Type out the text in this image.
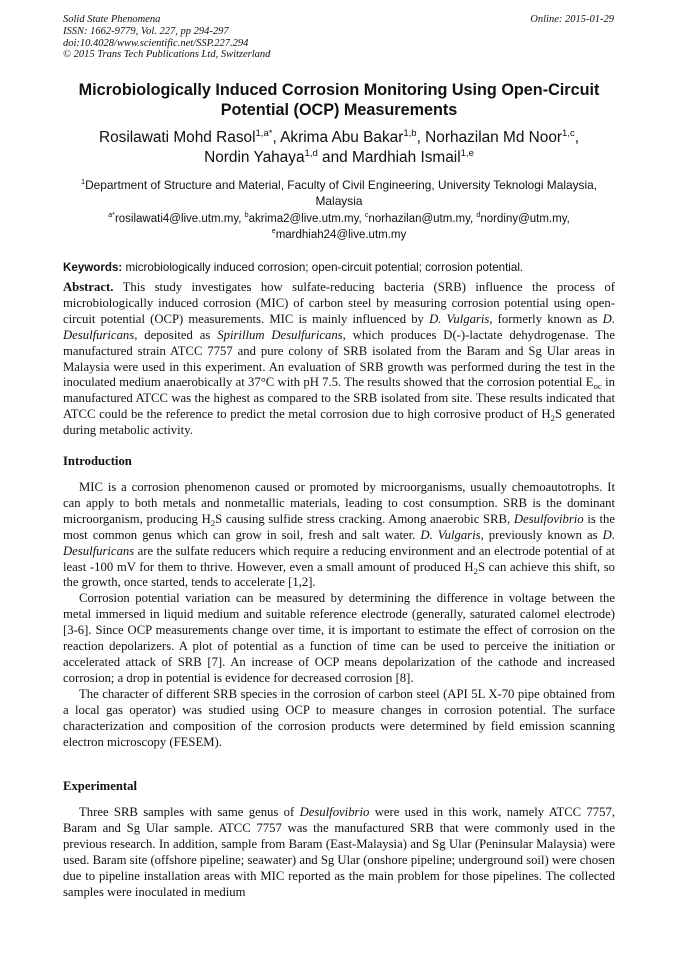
Solid State Phenomena
ISSN: 1662-9779, Vol. 227, pp 294-297
doi:10.4028/www.scientific.net/SSP.227.294
© 2015 Trans Tech Publications Ltd, Switzerland
Online: 2015-01-29
Microbiologically Induced Corrosion Monitoring Using Open-Circuit Potential (OCP) Measurements
Rosilawati Mohd Rasol$^{1,a*}$, Akrima Abu Bakar$^{1,b}$, Norhazilan Md Noor$^{1,c}$,
Nordin Yahaya$^{1,d}$ and Mardhiah Ismail$^{1,e}$
$^1$Department of Structure and Material, Faculty of Civil Engineering, University Teknologi Malaysia, Malaysia
$^{a*}$rosilawati4@live.utm.my, $^b$akrima2@live.utm.my, $^c$norhazilan@utm.my, $^d$nordiny@utm.my,
$^e$mardhiah24@live.utm.my
Keywords: microbiologically induced corrosion; open-circuit potential; corrosion potential.
Abstract. This study investigates how sulfate-reducing bacteria (SRB) influence the process of microbiologically induced corrosion (MIC) of carbon steel by measuring corrosion potential using open-circuit potential (OCP) measurements. MIC is mainly influenced by D. Vulgaris, formerly known as D. Desulfuricans, deposited as Spirillum Desulfuricans, which produces D(-)-lactate dehydrogenase. The manufactured strain ATCC 7757 and pure colony of SRB isolated from the Baram and Sg Ular areas in Malaysia were used in this experiment. An evaluation of SRB growth was performed during the test in the inoculated medium anaerobically at 37°C with pH 7.5. The results showed that the corrosion potential $E_{oc}$ in manufactured ATCC was the highest as compared to the SRB isolated from site. These results indicated that ATCC could be the reference to predict the metal corrosion due to high corrosive product of $H_2S$ generated during metabolic activity.
Introduction

MIC is a corrosion phenomenon caused or promoted by microorganisms, usually chemoautotrophs. It can apply to both metals and nonmetallic materials, leading to cost consumption. SRB is the dominant microorganism, producing $H_2S$ causing sulfide stress cracking. Among anaerobic SRB, Desulfovibrio is the most common genus which can grow in soil, fresh and salt water. D. Vulgaris, previously known as D. Desulfuricans are the sulfate reducers which require a reducing environment and an electrode potential of at least -100 mV for them to thrive. However, even a small amount of produced $H_2S$ can achieve this shift, so the growth, once started, tends to accelerate [1,2].

Corrosion potential variation can be measured by determining the difference in voltage between the metal immersed in liquid medium and suitable reference electrode (generally, saturated calomel electrode) [3-6]. Since OCP measurements change over time, it is important to estimate the effect of corrosion on the reaction depolarizers. A plot of potential as a function of time can be used to perceive the initiation or accelerated attack of SRB [7]. An increase of OCP means depolarization of the cathode and increased corrosion; a drop in potential is evidence for decreased corrosion [8].

The character of different SRB species in the corrosion of carbon steel (API 5L X-70 pipe obtained from a local gas operator) was studied using OCP to measure changes in corrosion potential. The surface characterization and composition of the corrosion products were determined by field emission scanning electron microscopy (FESEM).

Experimental

Three SRB samples with same genus of Desulfovibrio were used in this work, namely ATCC 7757, Baram and Sg Ular sample. ATCC 7757 was the manufactured SRB that were commonly used in the previous research. In addition, sample from Baram (East-Malaysia) and Sg Ular (Peninsular Malaysia) were used. Baram site (offshore pipeline; seawater) and Sg Ular (onshore pipeline; underground soil) were chosen due to pipeline installation areas with MIC reported as the main problem for those pipelines. The collected samples were inoculated in medium
